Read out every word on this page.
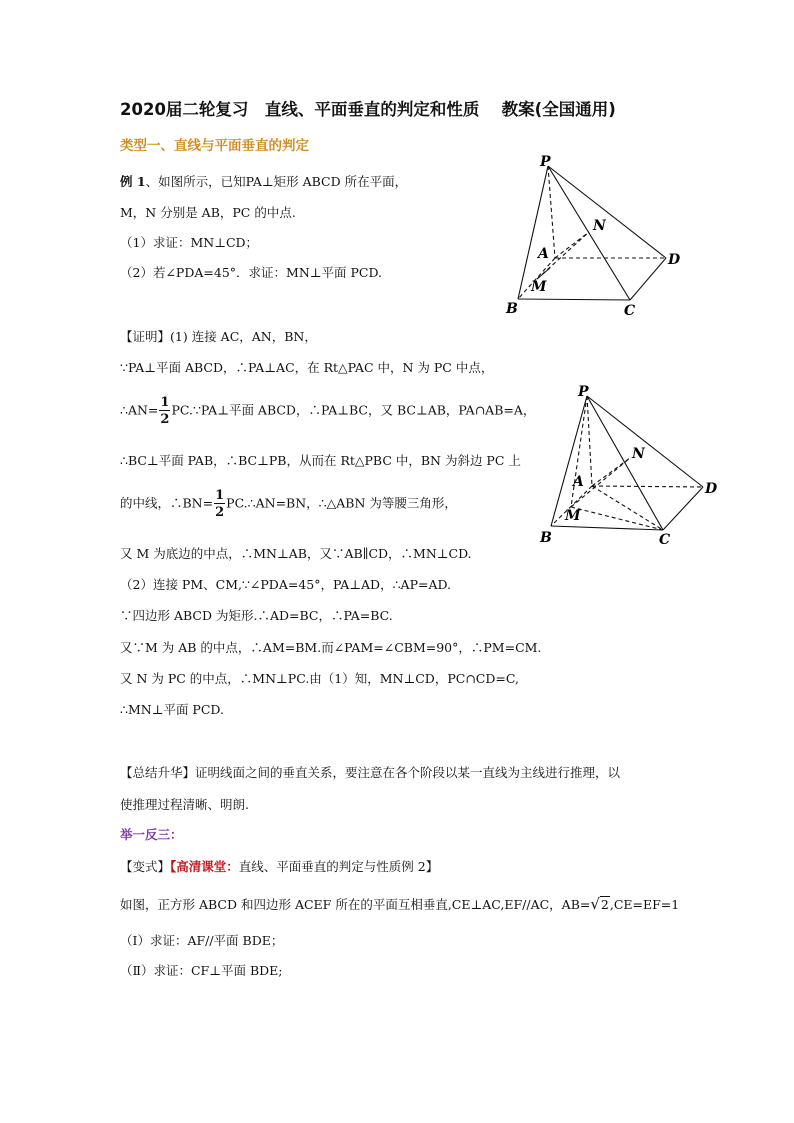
2020届二轮复习　直线、平面垂直的判定和性质　 教案(全国通用)
类型一、直线与平面垂直的判定
例 1、如图所示，已知PA⊥矩形 ABCD 所在平面，
M，N 分别是 AB，PC 的中点.
（1）求证：MN⊥CD；
（2）若∠PDA=45°．求证：MN⊥平面 PCD.
【证明】(1) 连接 AC，AN，BN，
∵PA⊥平面 ABCD，∴PA⊥AC，在 Rt△PAC 中，N 为 PC 中点，
∴AN= $\frac{1}{2}$ PC.∵PA⊥平面 ABCD，∴PA⊥BC，又 BC⊥AB，PA∩AB=A，
∴BC⊥平面 PAB，∴BC⊥PB，从而在 Rt△PBC 中，BN 为斜边 PC 上
的中线，∴BN= $\frac{1}{2}$ PC.∴AN=BN，∴△ABN 为等腰三角形，
又 M 为底边的中点，∴MN⊥AB，又∵AB∥CD，∴MN⊥CD.
（2）连接 PM、CM,∵∠PDA=45°，PA⊥AD，∴AP=AD.
∵四边形 ABCD 为矩形.∴AD=BC，∴PA=BC.
又∵M 为 AB 的中点，∴AM=BM.而∠PAM=∠CBM=90°，∴PM=CM.
又 N 为 PC 的中点，∴MN⊥PC.由（1）知，MN⊥CD，PC∩CD=C,
∴MN⊥平面 PCD.
【总结升华】证明线面之间的垂直关系，要注意在各个阶段以某一直线为主线进行推理，以
使推理过程清晰、明朗.
举一反三：
【变式】【高清课堂：直线、平面垂直的判定与性质例 2】
如图，正方形 ABCD 和四边形 ACEF 所在的平面互相垂直,CE⊥AC,EF//AC，AB=√2,CE=EF=1
（Ⅰ）求证：AF//平面 BDE；
（Ⅱ）求证：CF⊥平面 BDE;
P
N
A	D
M
B	C
P
N
A	D
M
B	C
